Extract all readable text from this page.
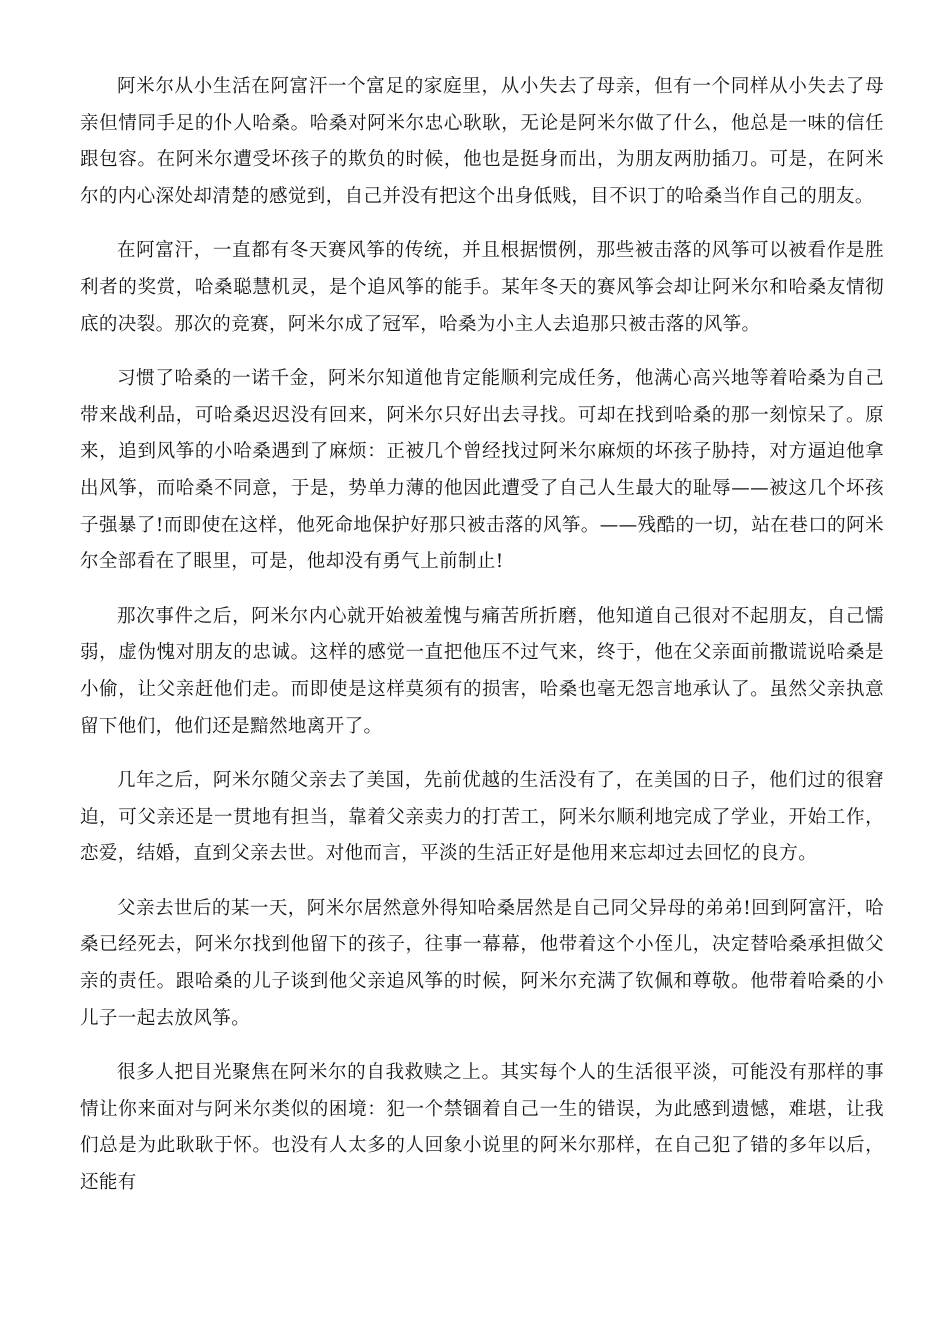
阿米尔从小生活在阿富汗一个富足的家庭里，从小失去了母亲，但有一个同样从小失去了母亲但情同手足的仆人哈桑。哈桑对阿米尔忠心耿耿，无论是阿米尔做了什么，他总是一味的信任跟包容。在阿米尔遭受坏孩子的欺负的时候，他也是挺身而出，为朋友两肋插刀。可是，在阿米尔的内心深处却清楚的感觉到，自己并没有把这个出身低贱，目不识丁的哈桑当作自己的朋友。

在阿富汗，一直都有冬天赛风筝的传统，并且根据惯例，那些被击落的风筝可以被看作是胜利者的奖赏，哈桑聪慧机灵，是个追风筝的能手。某年冬天的赛风筝会却让阿米尔和哈桑友情彻底的决裂。那次的竞赛，阿米尔成了冠军，哈桑为小主人去追那只被击落的风筝。

习惯了哈桑的一诺千金，阿米尔知道他肯定能顺利完成任务，他满心高兴地等着哈桑为自己带来战利品，可哈桑迟迟没有回来，阿米尔只好出去寻找。可却在找到哈桑的那一刻惊呆了。原来，追到风筝的小哈桑遇到了麻烦：正被几个曾经找过阿米尔麻烦的坏孩子胁持，对方逼迫他拿出风筝，而哈桑不同意，于是，势单力薄的他因此遭受了自己人生最大的耻辱——被这几个坏孩子强暴了!而即使在这样，他死命地保护好那只被击落的风筝。——残酷的一切，站在巷口的阿米尔全部看在了眼里，可是，他却没有勇气上前制止!

那次事件之后，阿米尔内心就开始被羞愧与痛苦所折磨，他知道自己很对不起朋友，自己懦弱，虚伪愧对朋友的忠诚。这样的感觉一直把他压不过气来，终于，他在父亲面前撒谎说哈桑是小偷，让父亲赶他们走。而即使是这样莫须有的损害，哈桑也毫无怨言地承认了。虽然父亲执意留下他们，他们还是黯然地离开了。

几年之后，阿米尔随父亲去了美国，先前优越的生活没有了，在美国的日子，他们过的很窘迫，可父亲还是一贯地有担当，靠着父亲卖力的打苦工，阿米尔顺利地完成了学业，开始工作，恋爱，结婚，直到父亲去世。对他而言，平淡的生活正好是他用来忘却过去回忆的良方。

父亲去世后的某一天，阿米尔居然意外得知哈桑居然是自己同父异母的弟弟!回到阿富汗，哈桑已经死去，阿米尔找到他留下的孩子，往事一幕幕，他带着这个小侄儿，决定替哈桑承担做父亲的责任。跟哈桑的儿子谈到他父亲追风筝的时候，阿米尔充满了钦佩和尊敬。他带着哈桑的小儿子一起去放风筝。

很多人把目光聚焦在阿米尔的自我救赎之上。其实每个人的生活很平淡，可能没有那样的事情让你来面对与阿米尔类似的困境：犯一个禁锢着自己一生的错误，为此感到遗憾，难堪，让我们总是为此耿耿于怀。也没有人太多的人回象小说里的阿米尔那样，在自己犯了错的多年以后，还能有
